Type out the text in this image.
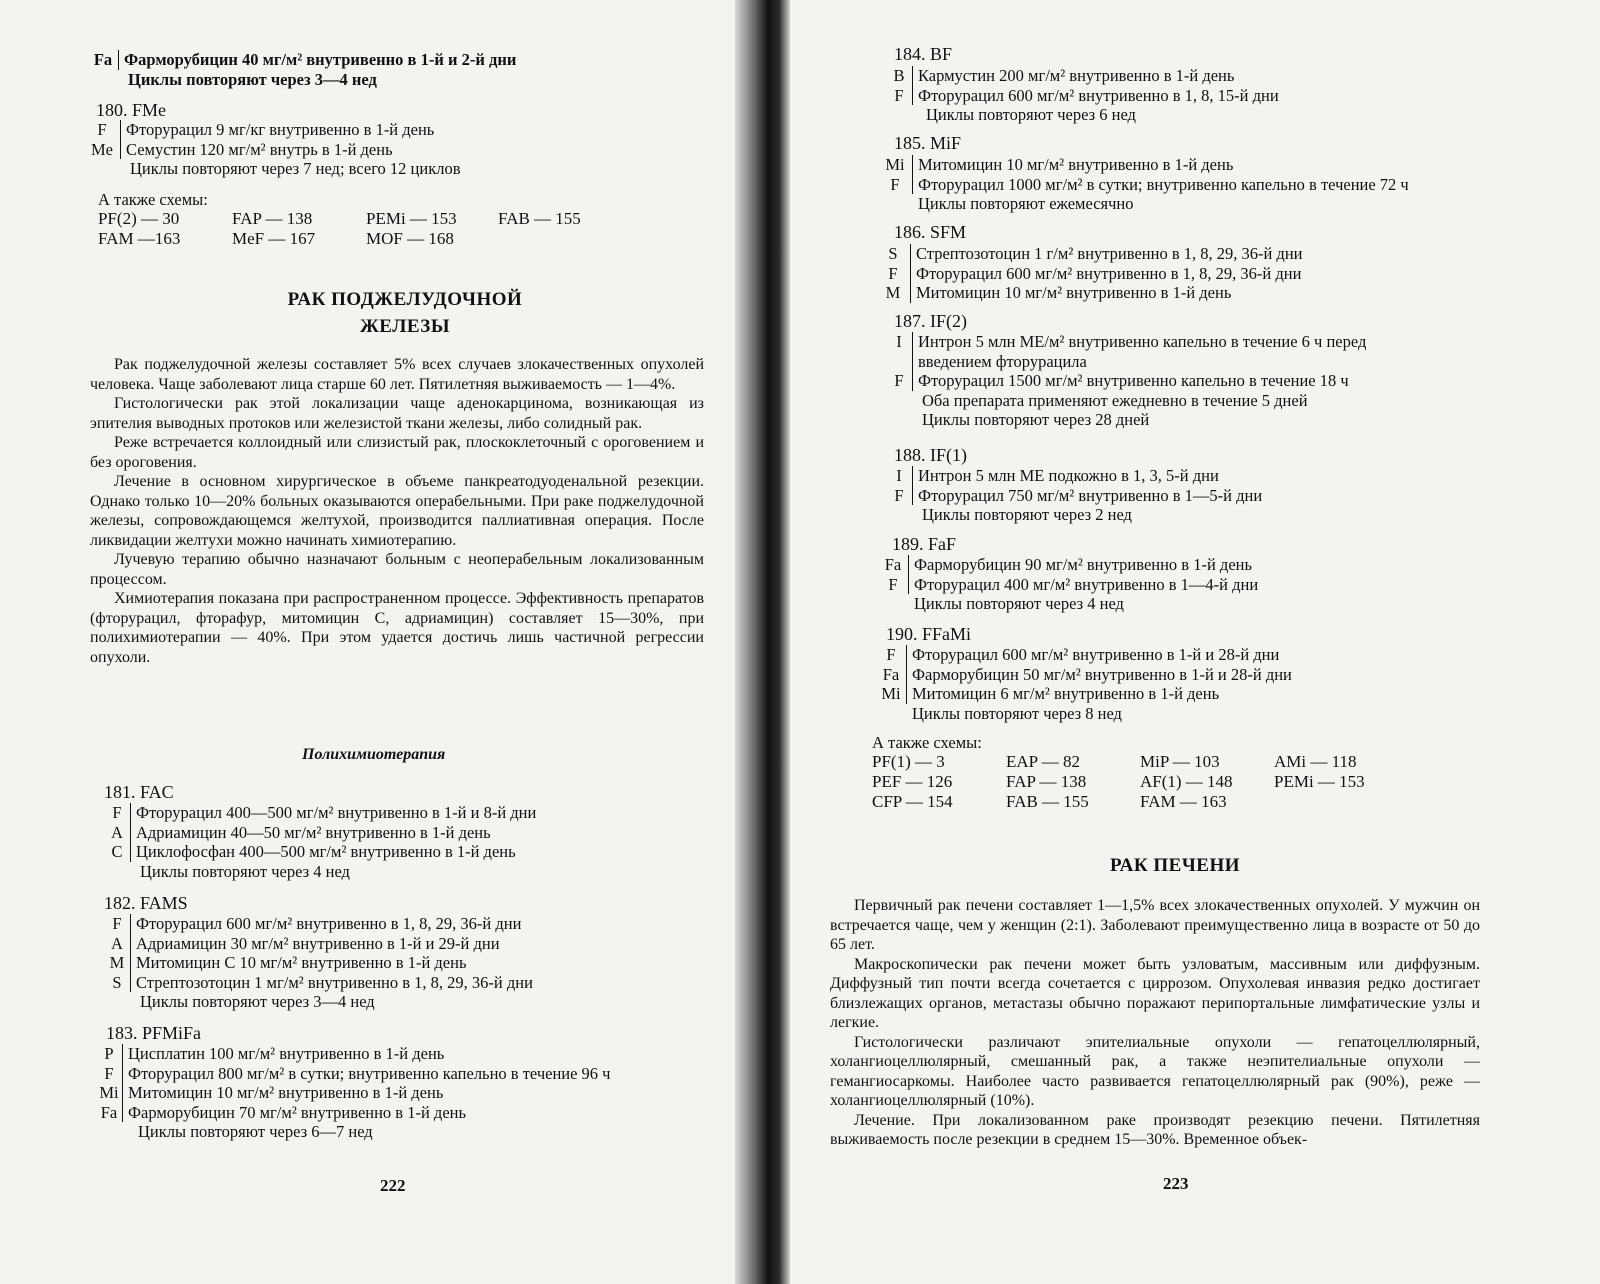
Fa Фарморубицин 40 мг/м² внутривенно в 1-й и 2-й дни
Циклы повторяют через 3—4 нед
180. FMe
F	Фторурацил 9 мг/кг внутривенно в 1-й день
Me Семустин 120 мг/м² внутрь в 1-й день
Циклы повторяют через 7 нед; всего 12 циклов
А также схемы:
PF(2) — 30	FAP — 138	PEMi — 153	FAB — 155
FAM —163	MeF — 167	MOF — 168
РАК ПОДЖЕЛУДОЧНОЙ
ЖЕЛЕЗЫ

Рак поджелудочной железы составляет 5% всех случаев злокачественных опухолей человека. Чаще заболевают лица старше 60 лет. Пятилетняя выживаемость — 1—4%.

Гистологически рак этой локализации чаще аденокарцинома, возникающая из эпителия выводных протоков или железистой ткани железы, либо солидный рак.

Реже встречается коллоидный или слизистый рак, плоскоклеточный с ороговением и без ороговения.

Лечение в основном хирургическое в объеме панкреатодуоденальной резекции. Однако только 10—20% больных оказываются операбельными. При раке поджелудочной железы, сопровождающемся желтухой, производится паллиативная операция. После ликвидации желтухи можно начинать химиотерапию.

Лучевую терапию обычно назначают больным с неоперабельным локализованным процессом.

Химиотерапия показана при распространенном процессе. Эффективность препаратов (фторурацил, фторафур, митомицин С, адриамицин) составляет 15—30%, при полихимиотерапии — 40%. При этом удается достичь лишь частичной регрессии опухоли.

Полихимиотерапия
181. FAC
F Фторурацил 400—500 мг/м² внутривенно в 1-й и 8-й дни
A Адриамицин 40—50 мг/м² внутривенно в 1-й день
C Циклофосфан 400—500 мг/м² внутривенно в 1-й день
Циклы повторяют через 4 нед
182. FAMS
F Фторурацил 600 мг/м² внутривенно в 1, 8, 29, 36-й дни
A Адриамицин 30 мг/м² внутривенно в 1-й и 29-й дни
M Митомицин С 10 мг/м² внутривенно в 1-й день
S Стрептозотоцин 1 мг/м² внутривенно в 1, 8, 29, 36-й дни
Циклы повторяют через 3—4 нед
183. PFMiFa
P Цисплатин 100 мг/м² внутривенно в 1-й день
F Фторурацил 800 мг/м² в сутки; внутривенно капельно в течение 96 ч
Mi Митомицин 10 мг/м² внутривенно в 1-й день
Fa Фарморубицин 70 мг/м² внутривенно в 1-й день
Циклы повторяют через 6—7 нед
222
184. BF
B Кармустин 200 мг/м² внутривенно в 1-й день
F Фторурацил 600 мг/м² внутривенно в 1, 8, 15-й дни
Циклы повторяют через 6 нед
185. MiF
Mi Митомицин 10 мг/м² внутривенно в 1-й день
F	Фторурацил 1000 мг/м² в сутки; внутривенно капельно в течение 72 ч
Циклы повторяют ежемесячно
186. SFM
S	Стрептозотоцин 1 г/м² внутривенно в 1, 8, 29, 36-й дни
F	Фторурацил 600 мг/м² внутривенно в 1, 8, 29, 36-й дни
M Митомицин 10 мг/м² внутривенно в 1-й день
187. IF(2)
I Интрон 5 млн МЕ/м² внутривенно капельно в течение 6 ч перед
введением фторурацила
F Фторурацил 1500 мг/м² внутривенно капельно в течение 18 ч
Оба препарата применяют ежедневно в течение 5 дней
Циклы повторяют через 28 дней
188. IF(1)
I Интрон 5 млн МЕ подкожно в 1, 3, 5-й дни
F Фторурацил 750 мг/м² внутривенно в 1—5-й дни
Циклы повторяют через 2 нед
189. FaF
Fa Фарморубицин 90 мг/м² внутривенно в 1-й день
F Фторурацил 400 мг/м² внутривенно в 1—4-й дни
Циклы повторяют через 4 нед
190. FFaMi
F Фторурацил 600 мг/м² внутривенно в 1-й и 28-й дни
Fa Фарморубицин 50 мг/м² внутривенно в 1-й и 28-й дни
Mi Митомицин 6 мг/м² внутривенно в 1-й день
Циклы повторяют через 8 нед
А также схемы:
PF(1) — 3	EAP — 82	MiP — 103	AMi — 118
PEF — 126	FAP — 138	AF(1) — 148	PEMi — 153
CFP — 154	FAB — 155	FAM — 163
РАК ПЕЧЕНИ

Первичный рак печени составляет 1—1,5% всех злокачественных опухолей. У мужчин он встречается чаще, чем у женщин (2:1). Заболевают преимущественно лица в возрасте от 50 до 65 лет.

Макроскопически рак печени может быть узловатым, массивным или диффузным. Диффузный тип почти всегда сочетается с циррозом. Опухолевая инвазия редко достигает близлежащих органов, метастазы обычно поражают перипортальные лимфатические узлы и легкие.

Гистологически различают эпителиальные опухоли — гепатоцеллюлярный, холангиоцеллюлярный, смешанный рак, а также неэпителиальные опухоли — гемангиосаркомы. Наиболее часто развивается гепатоцеллюлярный рак (90%), реже — холангиоцеллюлярный (10%).

Лечение. При локализованном раке производят резекцию печени. Пятилетняя выживаемость после резекции в среднем 15—30%. Временное объек-

223
